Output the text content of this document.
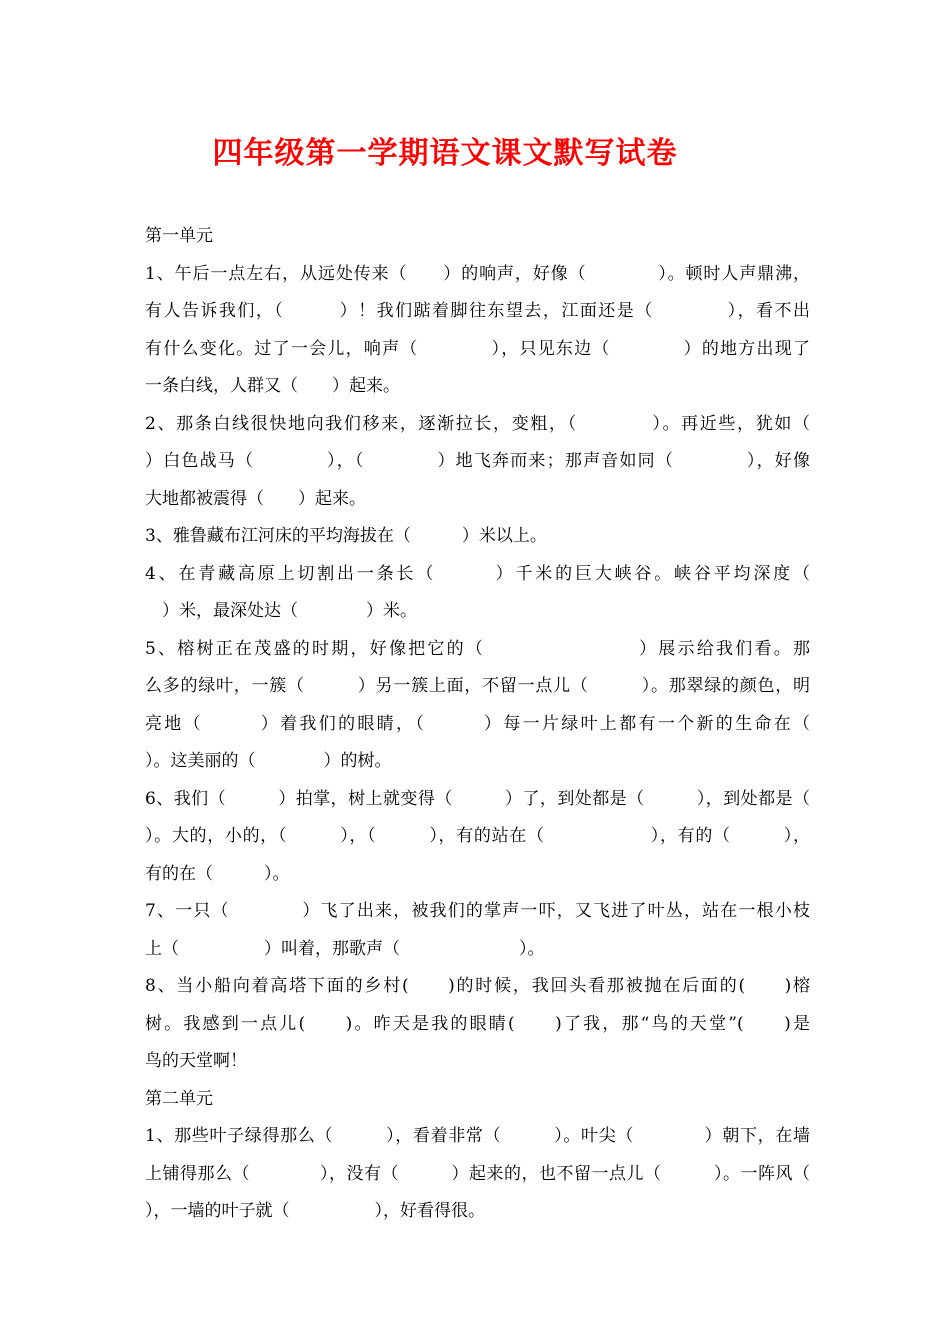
四年级第一学期语文课文默写试卷
第一单元
1、午后一点左右，从远处传来（　　）的响声，好像（　　　　）。顿时人声鼎沸，
有人告诉我们，（　　　）！我们踮着脚往东望去，江面还是（　　　　），看不出
有什么变化。过了一会儿，响声（　　　　），只见东边（　　　　）的地方出现了
一条白线，人群又（　　）起来。
2、那条白线很快地向我们移来，逐渐拉长，变粗，（　　　　）。再近些，犹如（
）白色战马（　　　　），（　　　　）地飞奔而来；那声音如同（　　　　），好像
大地都被震得（　　）起来。
3、雅鲁藏布江河床的平均海拔在（　　　）米以上。
4、在青藏高原上切割出一条长（　　　）千米的巨大峡谷。峡谷平均深度（
　）米，最深处达（　　　　）米。
5、榕树正在茂盛的时期，好像把它的（　　　　　　　　）展示给我们看。那
么多的绿叶，一簇（　　　）另一簇上面，不留一点儿（　　　）。那翠绿的颜色，明
亮地（　　　）着我们的眼睛，（　　　）每一片绿叶上都有一个新的生命在（
）。这美丽的（　　　　）的树。
6、我们（　　　）拍掌，树上就变得（　　　）了，到处都是（　　　），到处都是（
）。大的，小的，（　　　），（　　　），有的站在（　　　　　　），有的（　　　），
有的在（　　　）。
7、一只（　　　　）飞了出来，被我们的掌声一吓，又飞进了叶丛，站在一根小枝
上（　　　　　）叫着，那歌声（　　　　　　　）。
8、当小船向着高塔下面的乡村(　　)的时候，我回头看那被抛在后面的(　　)榕
树。我感到一点儿(　　)。昨天是我的眼睛(　　)了我，那“鸟的天堂”(　　)是
鸟的天堂啊！
第二单元
1、那些叶子绿得那么（　　　），看着非常（　　　）。叶尖（　　　　）朝下，在墙
上铺得那么（　　　　），没有（　　　）起来的，也不留一点儿（　　　）。一阵风（
），一墙的叶子就（　　　　　），好看得很。
